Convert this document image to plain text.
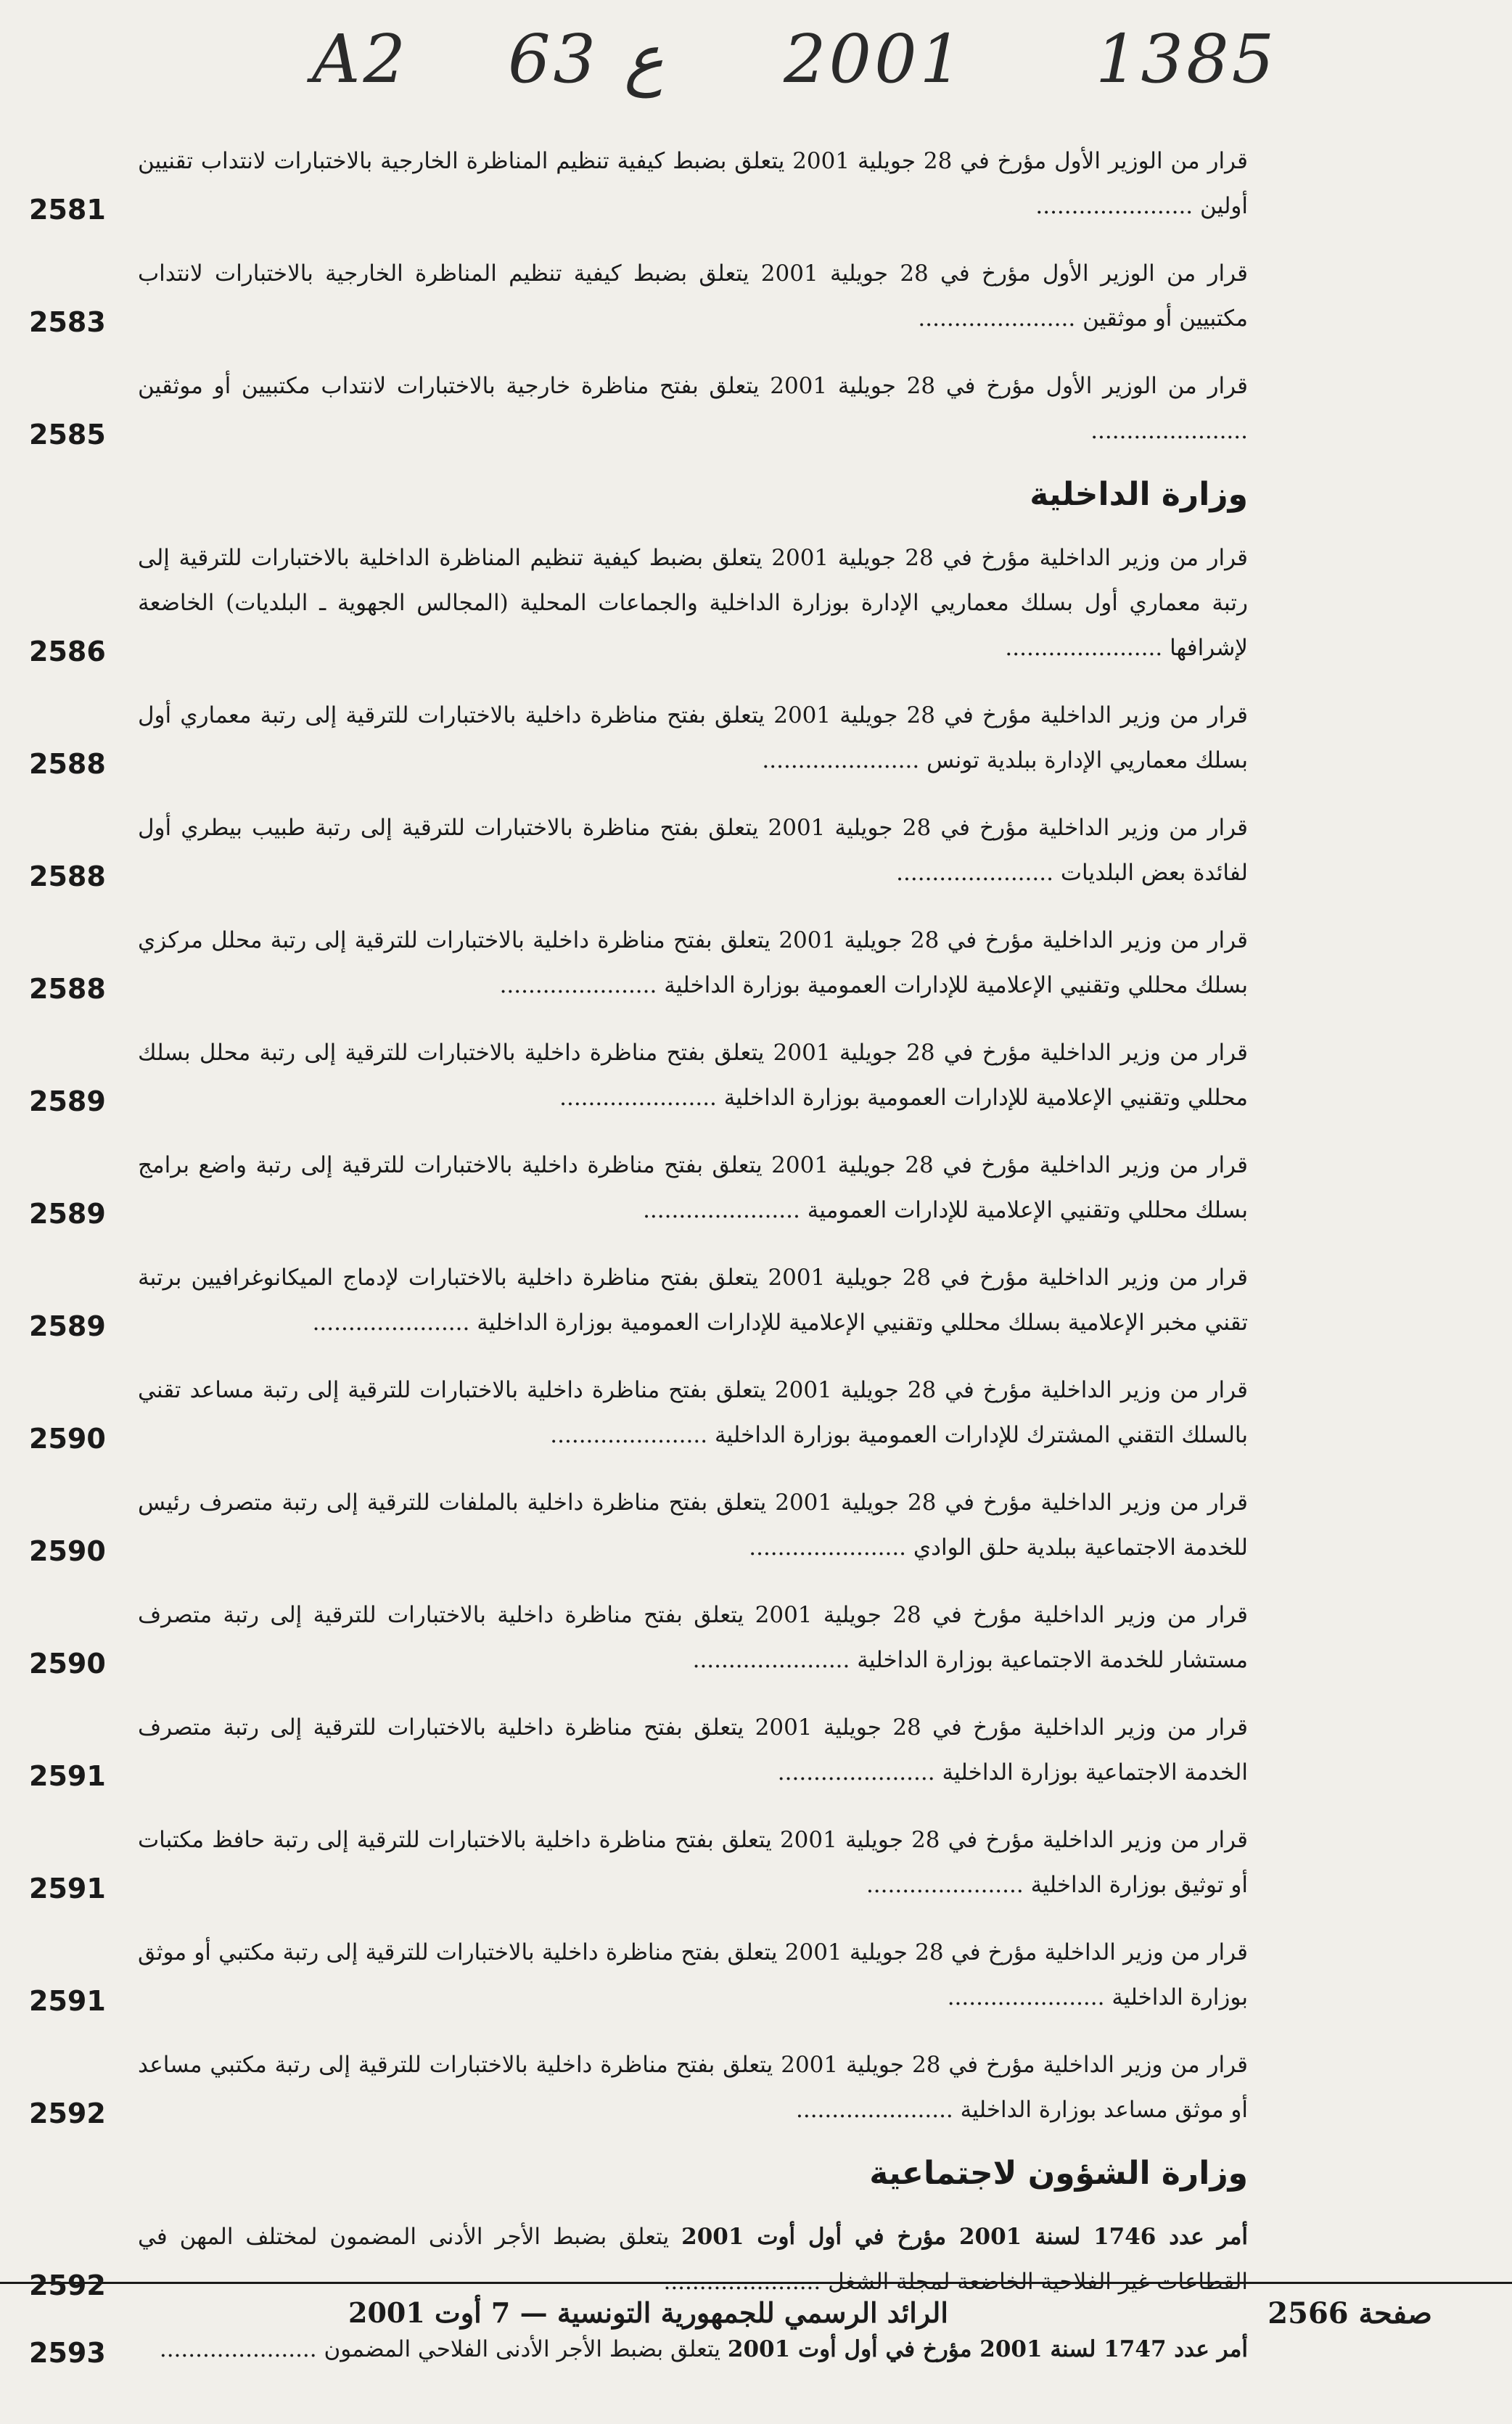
A2 63 ع 2001 1385

قرار من الوزير الأول مؤرخ في 28 جويلية 2001 يتعلق بضبط كيفية تنظيم المناظرة الخارجية بالاختبارات لانتداب تقنيين أولين ......................

2581

قرار من الوزير الأول مؤرخ في 28 جويلية 2001 يتعلق بضبط كيفية تنظيم المناظرة الخارجية بالاختبارات لانتداب مكتبيين أو موثقين ......................

2583

قرار من الوزير الأول مؤرخ في 28 جويلية 2001 يتعلق بفتح مناظرة خارجية بالاختبارات لانتداب مكتبيين أو موثقين ......................

2585
وزارة الداخلية

قرار من وزير الداخلية مؤرخ في 28 جويلية 2001 يتعلق بضبط كيفية تنظيم المناظرة الداخلية بالاختبارات للترقية إلى رتبة معماري أول بسلك معماريي الإدارة بوزارة الداخلية والجماعات المحلية (المجالس الجهوية ـ البلديات) الخاضعة لإشرافها ......................

2586

قرار من وزير الداخلية مؤرخ في 28 جويلية 2001 يتعلق بفتح مناظرة داخلية بالاختبارات للترقية إلى رتبة معماري أول بسلك معماريي الإدارة ببلدية تونس ......................

2588

قرار من وزير الداخلية مؤرخ في 28 جويلية 2001 يتعلق بفتح مناظرة بالاختبارات للترقية إلى رتبة طبيب بيطري أول لفائدة بعض البلديات ......................

2588

قرار من وزير الداخلية مؤرخ في 28 جويلية 2001 يتعلق بفتح مناظرة داخلية بالاختبارات للترقية إلى رتبة محلل مركزي بسلك محللي وتقنيي الإعلامية للإدارات العمومية بوزارة الداخلية ......................

2588

قرار من وزير الداخلية مؤرخ في 28 جويلية 2001 يتعلق بفتح مناظرة داخلية بالاختبارات للترقية إلى رتبة محلل بسلك محللي وتقنيي الإعلامية للإدارات العمومية بوزارة الداخلية ......................

2589

قرار من وزير الداخلية مؤرخ في 28 جويلية 2001 يتعلق بفتح مناظرة داخلية بالاختبارات للترقية إلى رتبة واضع برامج بسلك محللي وتقنيي الإعلامية للإدارات العمومية ......................

2589

قرار من وزير الداخلية مؤرخ في 28 جويلية 2001 يتعلق بفتح مناظرة داخلية بالاختبارات لإدماج الميكانوغرافيين برتبة تقني مخبر الإعلامية بسلك محللي وتقنيي الإعلامية للإدارات العمومية بوزارة الداخلية ......................

2589

قرار من وزير الداخلية مؤرخ في 28 جويلية 2001 يتعلق بفتح مناظرة داخلية بالاختبارات للترقية إلى رتبة مساعد تقني بالسلك التقني المشترك للإدارات العمومية بوزارة الداخلية ......................

2590

قرار من وزير الداخلية مؤرخ في 28 جويلية 2001 يتعلق بفتح مناظرة داخلية بالملفات للترقية إلى رتبة متصرف رئيس للخدمة الاجتماعية ببلدية حلق الوادي ......................

2590

قرار من وزير الداخلية مؤرخ في 28 جويلية 2001 يتعلق بفتح مناظرة داخلية بالاختبارات للترقية إلى رتبة متصرف مستشار للخدمة الاجتماعية بوزارة الداخلية ......................

2590

قرار من وزير الداخلية مؤرخ في 28 جويلية 2001 يتعلق بفتح مناظرة داخلية بالاختبارات للترقية إلى رتبة متصرف الخدمة الاجتماعية بوزارة الداخلية ......................

2591

قرار من وزير الداخلية مؤرخ في 28 جويلية 2001 يتعلق بفتح مناظرة داخلية بالاختبارات للترقية إلى رتبة حافظ مكتبات أو توثيق بوزارة الداخلية ......................

2591

قرار من وزير الداخلية مؤرخ في 28 جويلية 2001 يتعلق بفتح مناظرة داخلية بالاختبارات للترقية إلى رتبة مكتبي أو موثق بوزارة الداخلية ......................

2591

قرار من وزير الداخلية مؤرخ في 28 جويلية 2001 يتعلق بفتح مناظرة داخلية بالاختبارات للترقية إلى رتبة مكتبي مساعد أو موثق مساعد بوزارة الداخلية ......................

2592
وزارة الشؤون لاجتماعية

أمر عدد 1746 لسنة 2001 مؤرخ في أول أوت 2001 يتعلق بضبط الأجر الأدنى المضمون لمختلف المهن في القطاعات غير الفلاحية الخاضعة لمجلة الشغل ......................

2592

أمر عدد 1747 لسنة 2001 مؤرخ في أول أوت 2001 يتعلق بضبط الأجر الأدنى الفلاحي المضمون ......................

2593
صفحة 2566
الرائد الرسمي للجمهورية التونسية — 7 أوت 2001
